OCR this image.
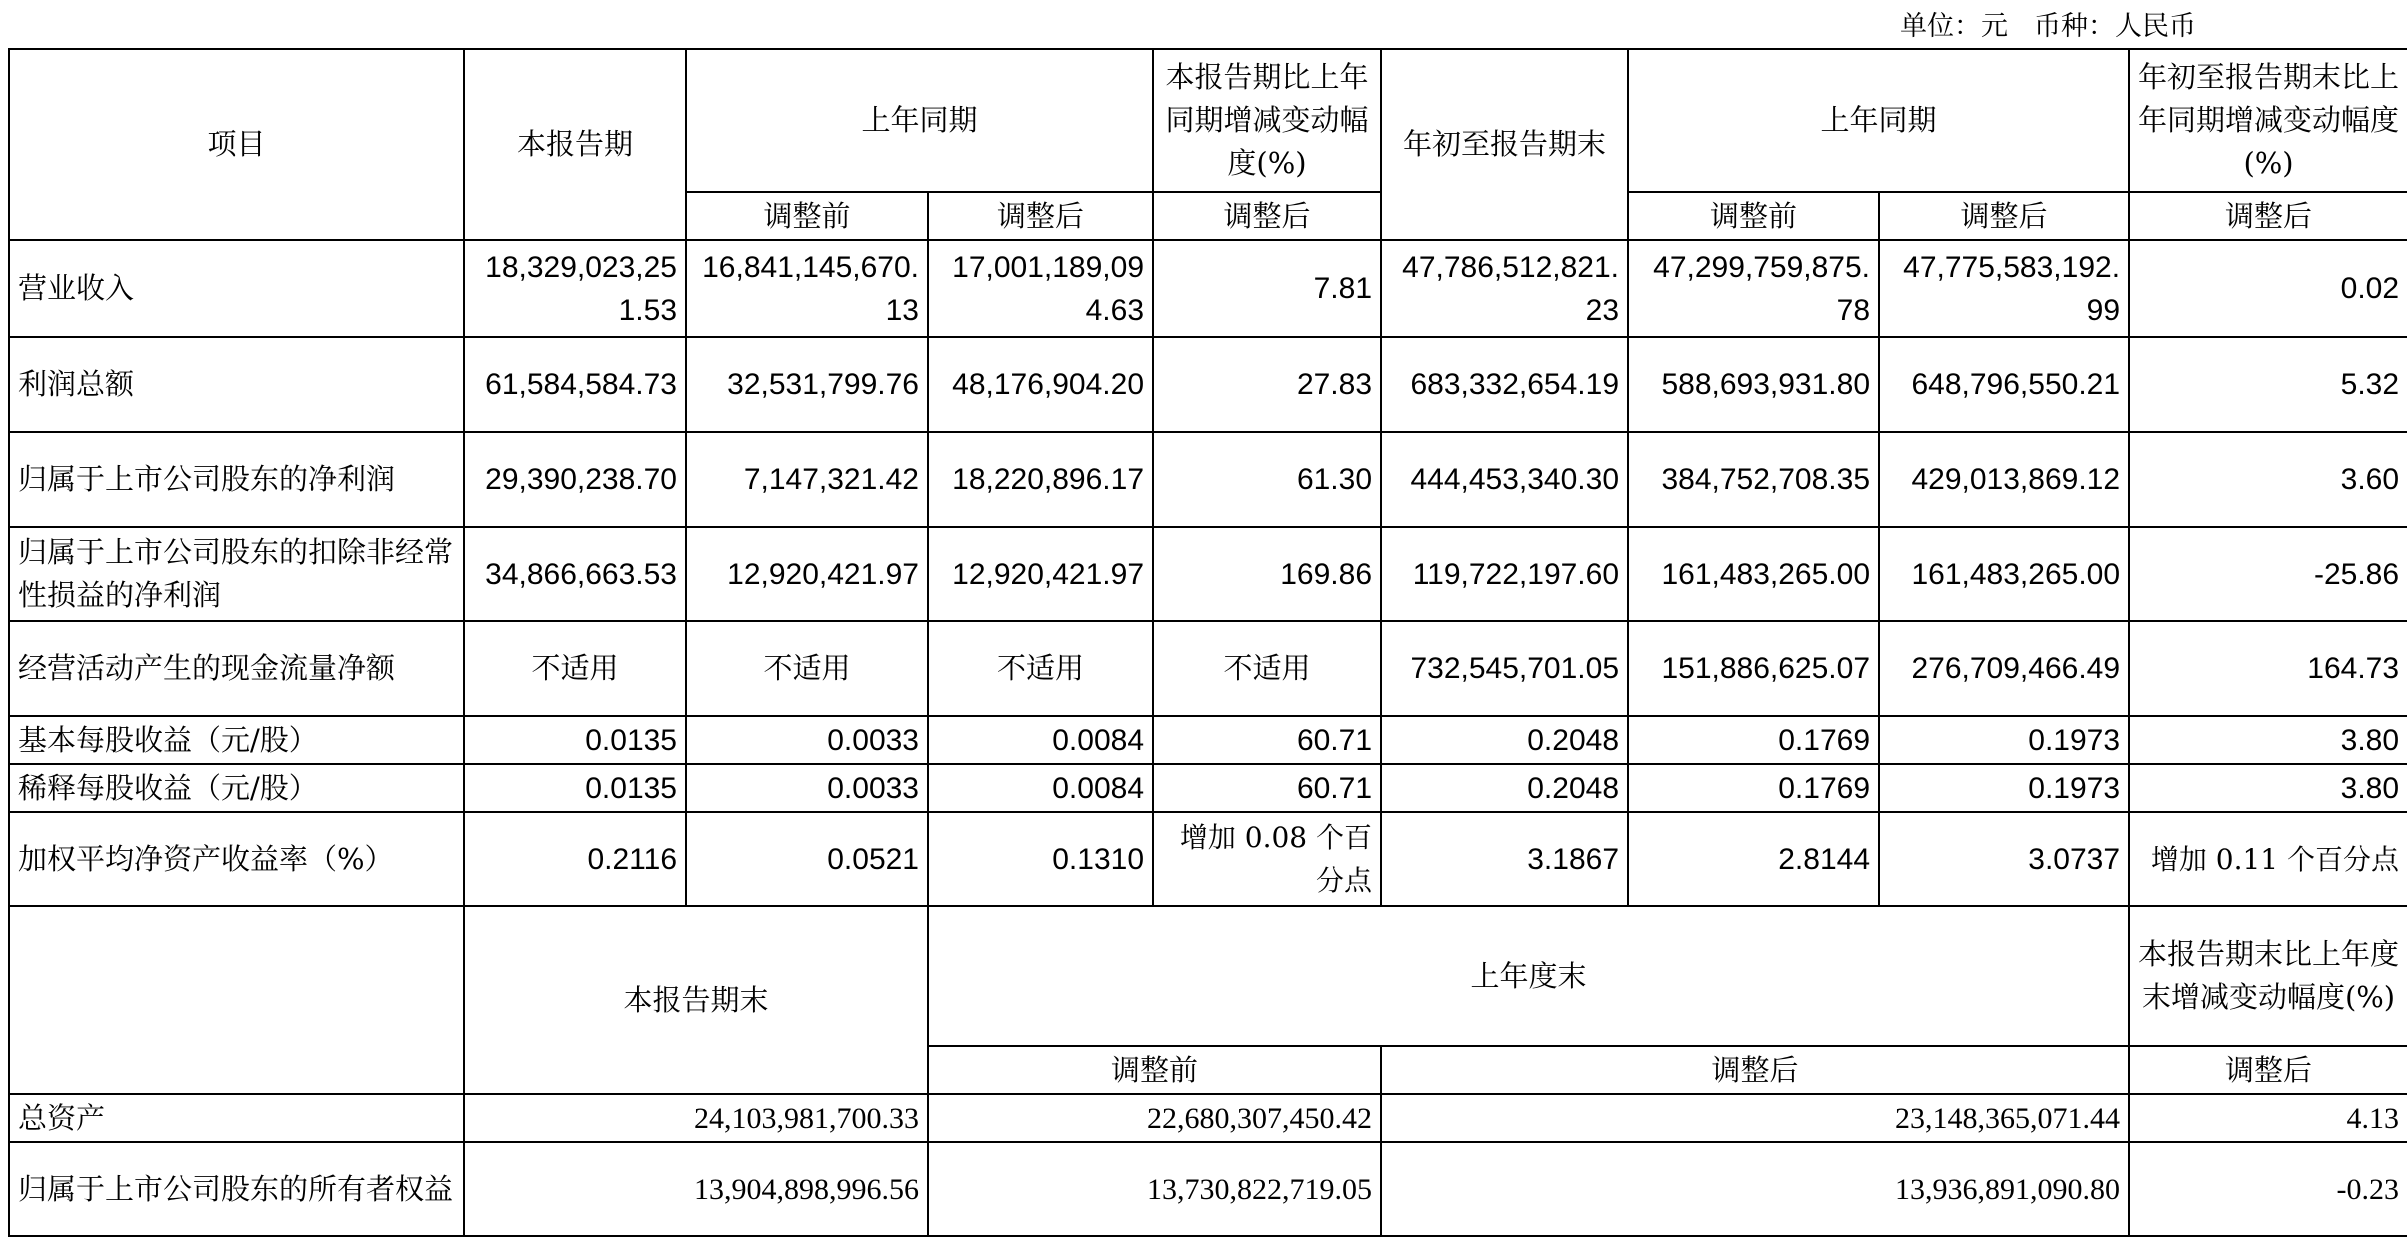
单位：元 币种：人民币
项目	本报告期	上年同期		本报告期比上年同期增减变动幅度(%)	年初至报告期末	上年同期		年初至报告期末比上年同期增减变动幅度(%)
		调整前	调整后	调整后		调整前	调整后	调整后
营业收入	18,329,023,251.53	16,841,145,670.13	17,001,189,094.63	7.81	47,786,512,821.23	47,299,759,875.78	47,775,583,192.99	0.02
利润总额	61,584,584.73	32,531,799.76	48,176,904.20	27.83	683,332,654.19	588,693,931.80	648,796,550.21	5.32
归属于上市公司股东的净利润	29,390,238.70	7,147,321.42	18,220,896.17	61.30	444,453,340.30	384,752,708.35	429,013,869.12	3.60
归属于上市公司股东的扣除非经常性损益的净利润	34,866,663.53	12,920,421.97	12,920,421.97	169.86	119,722,197.60	161,483,265.00	161,483,265.00	-25.86
经营活动产生的现金流量净额	不适用	不适用	不适用	不适用	732,545,701.05	151,886,625.07	276,709,466.49	164.73
基本每股收益（元/股）	0.0135	0.0033	0.0084	60.71	0.2048	0.1769	0.1973	3.80
稀释每股收益（元/股）	0.0135	0.0033	0.0084	60.71	0.2048	0.1769	0.1973	3.80
加权平均净资产收益率（%）	0.2116	0.0521	0.1310	增加 0.08 个百分点	3.1867	2.8144	3.0737	增加 0.11 个百分点
	本报告期末		上年度末					本报告期末比上年度末增减变动幅度(%)
			调整前		调整后			调整后
总资产	24,103,981,700.33		22,680,307,450.42		23,148,365,071.44			4.13
归属于上市公司股东的所有者权益	13,904,898,996.56		13,730,822,719.05		13,936,891,090.80			-0.23
